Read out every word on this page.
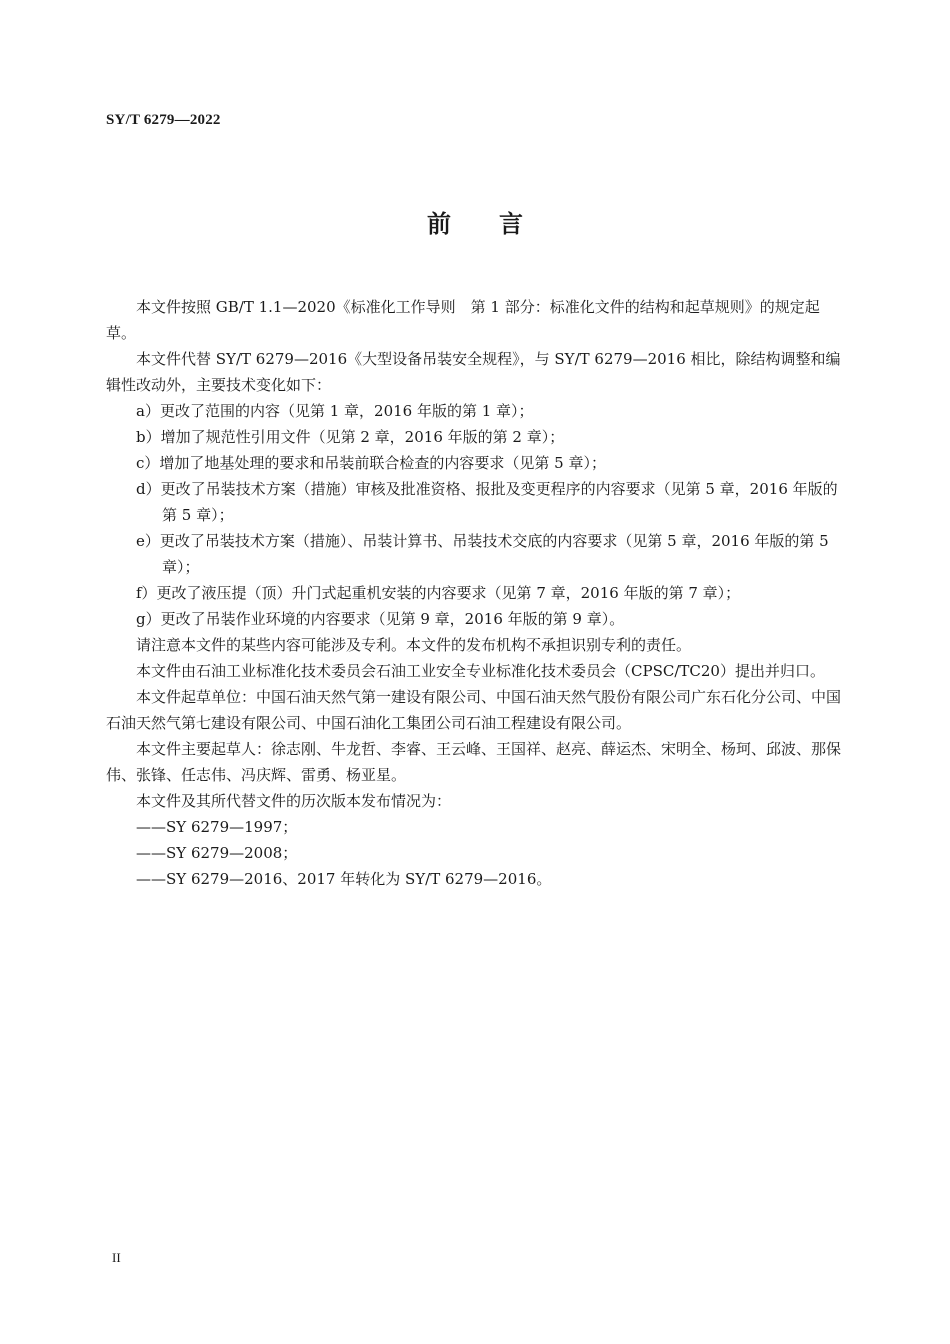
SY/T 6279—2022
前言

本文件按照 GB/T 1.1—2020《标准化工作导则　第 1 部分：标准化文件的结构和起草规则》的规定起草。

本文件代替 SY/T 6279—2016《大型设备吊装安全规程》，与 SY/T 6279—2016 相比，除结构调整和编辑性改动外，主要技术变化如下：

a）更改了范围的内容（见第 1 章，2016 年版的第 1 章）；

b）增加了规范性引用文件（见第 2 章，2016 年版的第 2 章）；

c）增加了地基处理的要求和吊装前联合检查的内容要求（见第 5 章）；

d）更改了吊装技术方案（措施）审核及批准资格、报批及变更程序的内容要求（见第 5 章，2016 年版的第 5 章）；

e）更改了吊装技术方案（措施）、吊装计算书、吊装技术交底的内容要求（见第 5 章，2016 年版的第 5 章）；

f）更改了液压提（顶）升门式起重机安装的内容要求（见第 7 章，2016 年版的第 7 章）；

g）更改了吊装作业环境的内容要求（见第 9 章，2016 年版的第 9 章）。

请注意本文件的某些内容可能涉及专利。本文件的发布机构不承担识别专利的责任。

本文件由石油工业标准化技术委员会石油工业安全专业标准化技术委员会（CPSC/TC20）提出并归口。

本文件起草单位：中国石油天然气第一建设有限公司、中国石油天然气股份有限公司广东石化分公司、中国石油天然气第七建设有限公司、中国石油化工集团公司石油工程建设有限公司。

本文件主要起草人：徐志刚、牛龙哲、李睿、王云峰、王国祥、赵亮、薛运杰、宋明全、杨珂、邱波、那保伟、张锋、任志伟、冯庆辉、雷勇、杨亚星。

本文件及其所代替文件的历次版本发布情况为：

——SY 6279—1997；

——SY 6279—2008；

——SY 6279—2016、2017 年转化为 SY/T 6279—2016。

II
